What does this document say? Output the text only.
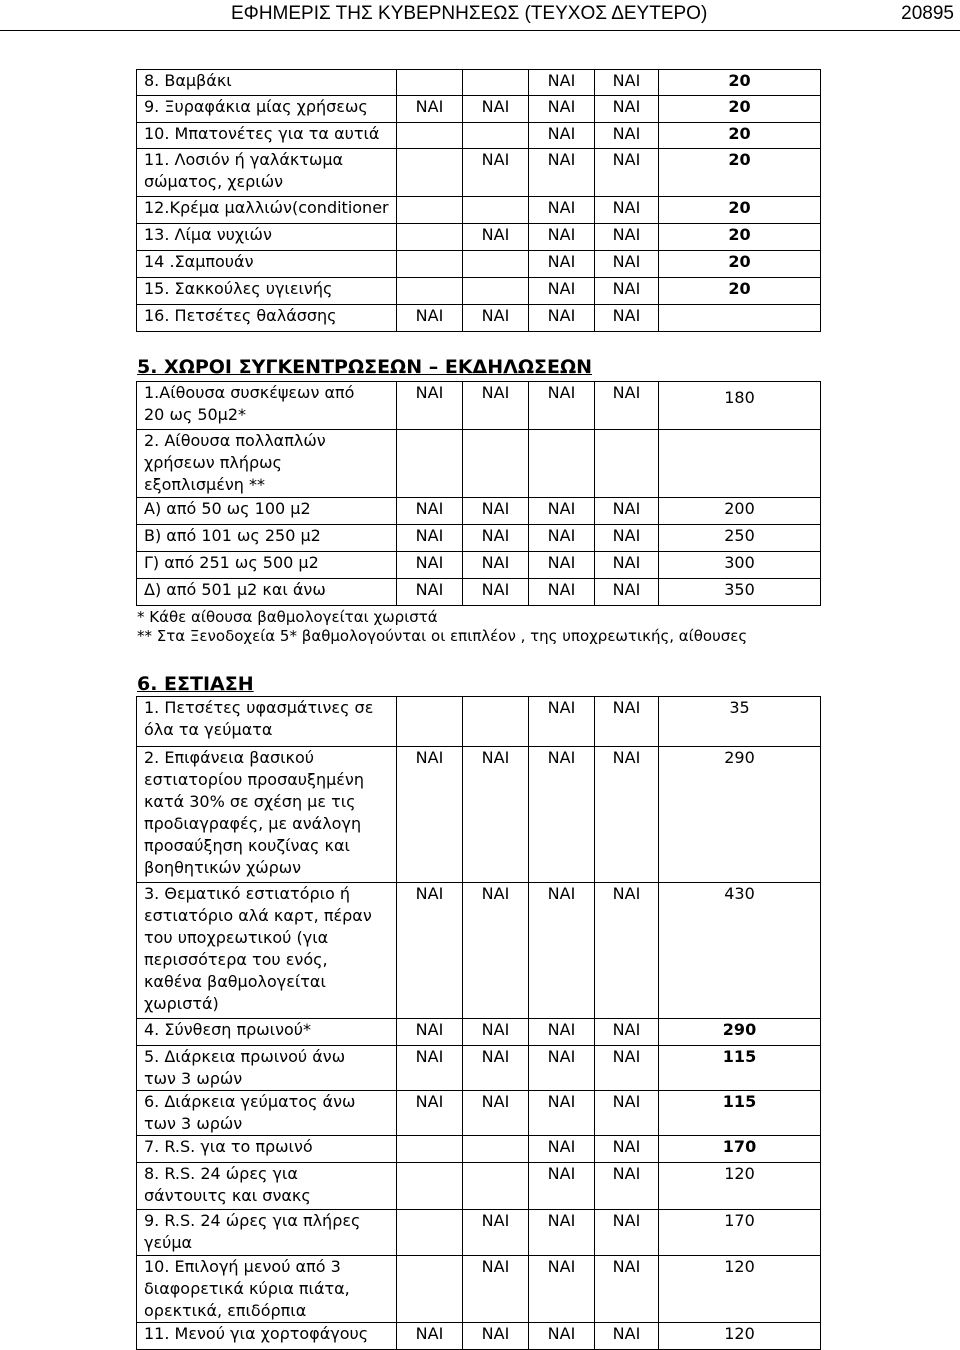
ΕΦΗΜΕΡΙΣ ΤΗΣ ΚΥΒΕΡΝΗΣΕΩΣ (ΤΕΥΧΟΣ ΔΕΥΤΕΡΟ)	20895
8. Βαμβάκι			ΝΑΙ	ΝΑΙ	20
9. Ξυραφάκια μίας χρήσεως	ΝΑΙ	ΝΑΙ	ΝΑΙ	ΝΑΙ	20
10. Μπατονέτες για τα αυτιά			ΝΑΙ	ΝΑΙ	20
11. Λοσιόν ή γαλάκτωμα σώματος, χεριών		ΝΑΙ	ΝΑΙ	ΝΑΙ	20
12.Κρέμα μαλλιών(conditioner			ΝΑΙ	ΝΑΙ	20
13. Λίμα νυχιών		ΝΑΙ	ΝΑΙ	ΝΑΙ	20
14 .Σαμπουάν			ΝΑΙ	ΝΑΙ	20
15. Σακκούλες υγιεινής			ΝΑΙ	ΝΑΙ	20
16. Πετσέτες θαλάσσης	ΝΑΙ	ΝΑΙ	ΝΑΙ	ΝΑΙ	
5. ΧΩΡΟΙ ΣΥΓΚΕΝΤΡΩΣΕΩΝ – ΕΚΔΗΛΩΣΕΩΝ
1.Αίθουσα συσκέψεων από 20 ως 50μ2*	ΝΑΙ	ΝΑΙ	ΝΑΙ	ΝΑΙ	180
2. Αίθουσα πολλαπλών χρήσεων πλήρως εξοπλισμένη **					
Α) από 50 ως 100 μ2	ΝΑΙ	ΝΑΙ	ΝΑΙ	ΝΑΙ	200
Β) από 101 ως 250 μ2	ΝΑΙ	ΝΑΙ	ΝΑΙ	ΝΑΙ	250
Γ) από 251 ως 500 μ2	ΝΑΙ	ΝΑΙ	ΝΑΙ	ΝΑΙ	300
Δ) από 501 μ2 και άνω	ΝΑΙ	ΝΑΙ	ΝΑΙ	ΝΑΙ	350
* Κάθε αίθουσα βαθμολογείται χωριστά
** Στα Ξενοδοχεία 5* βαθμολογούνται οι επιπλέον , της υποχρεωτικής, αίθουσες
6. ΕΣΤΙΑΣΗ
1. Πετσέτες υφασμάτινες σε όλα τα γεύματα			ΝΑΙ	ΝΑΙ	35
2. Επιφάνεια βασικού εστιατορίου προσαυξημένη κατά 30% σε σχέση με τις προδιαγραφές, με ανάλογη προσαύξηση κουζίνας και βοηθητικών χώρων	ΝΑΙ	ΝΑΙ	ΝΑΙ	ΝΑΙ	290
3. Θεματικό εστιατόριο ή εστιατόριο αλά καρτ, πέραν του υποχρεωτικού (για περισσότερα του ενός, καθένα βαθμολογείται χωριστά)	ΝΑΙ	ΝΑΙ	ΝΑΙ	ΝΑΙ	430
4. Σύνθεση πρωινού*	ΝΑΙ	ΝΑΙ	ΝΑΙ	ΝΑΙ	290
5. Διάρκεια πρωινού άνω των 3 ωρών	ΝΑΙ	ΝΑΙ	ΝΑΙ	ΝΑΙ	115
6. Διάρκεια γεύματος άνω των 3 ωρών	ΝΑΙ	ΝΑΙ	ΝΑΙ	ΝΑΙ	115
7. R.S. για το πρωινό			ΝΑΙ	ΝΑΙ	170
8. R.S. 24 ώρες για σάντουιτς και σνακς			ΝΑΙ	ΝΑΙ	120
9. R.S. 24 ώρες για πλήρες γεύμα		ΝΑΙ	ΝΑΙ	ΝΑΙ	170
10. Επιλογή μενού από 3 διαφορετικά κύρια πιάτα, ορεκτικά, επιδόρπια		ΝΑΙ	ΝΑΙ	ΝΑΙ	120
11. Μενού για χορτοφάγους	ΝΑΙ	ΝΑΙ	ΝΑΙ	ΝΑΙ	120
